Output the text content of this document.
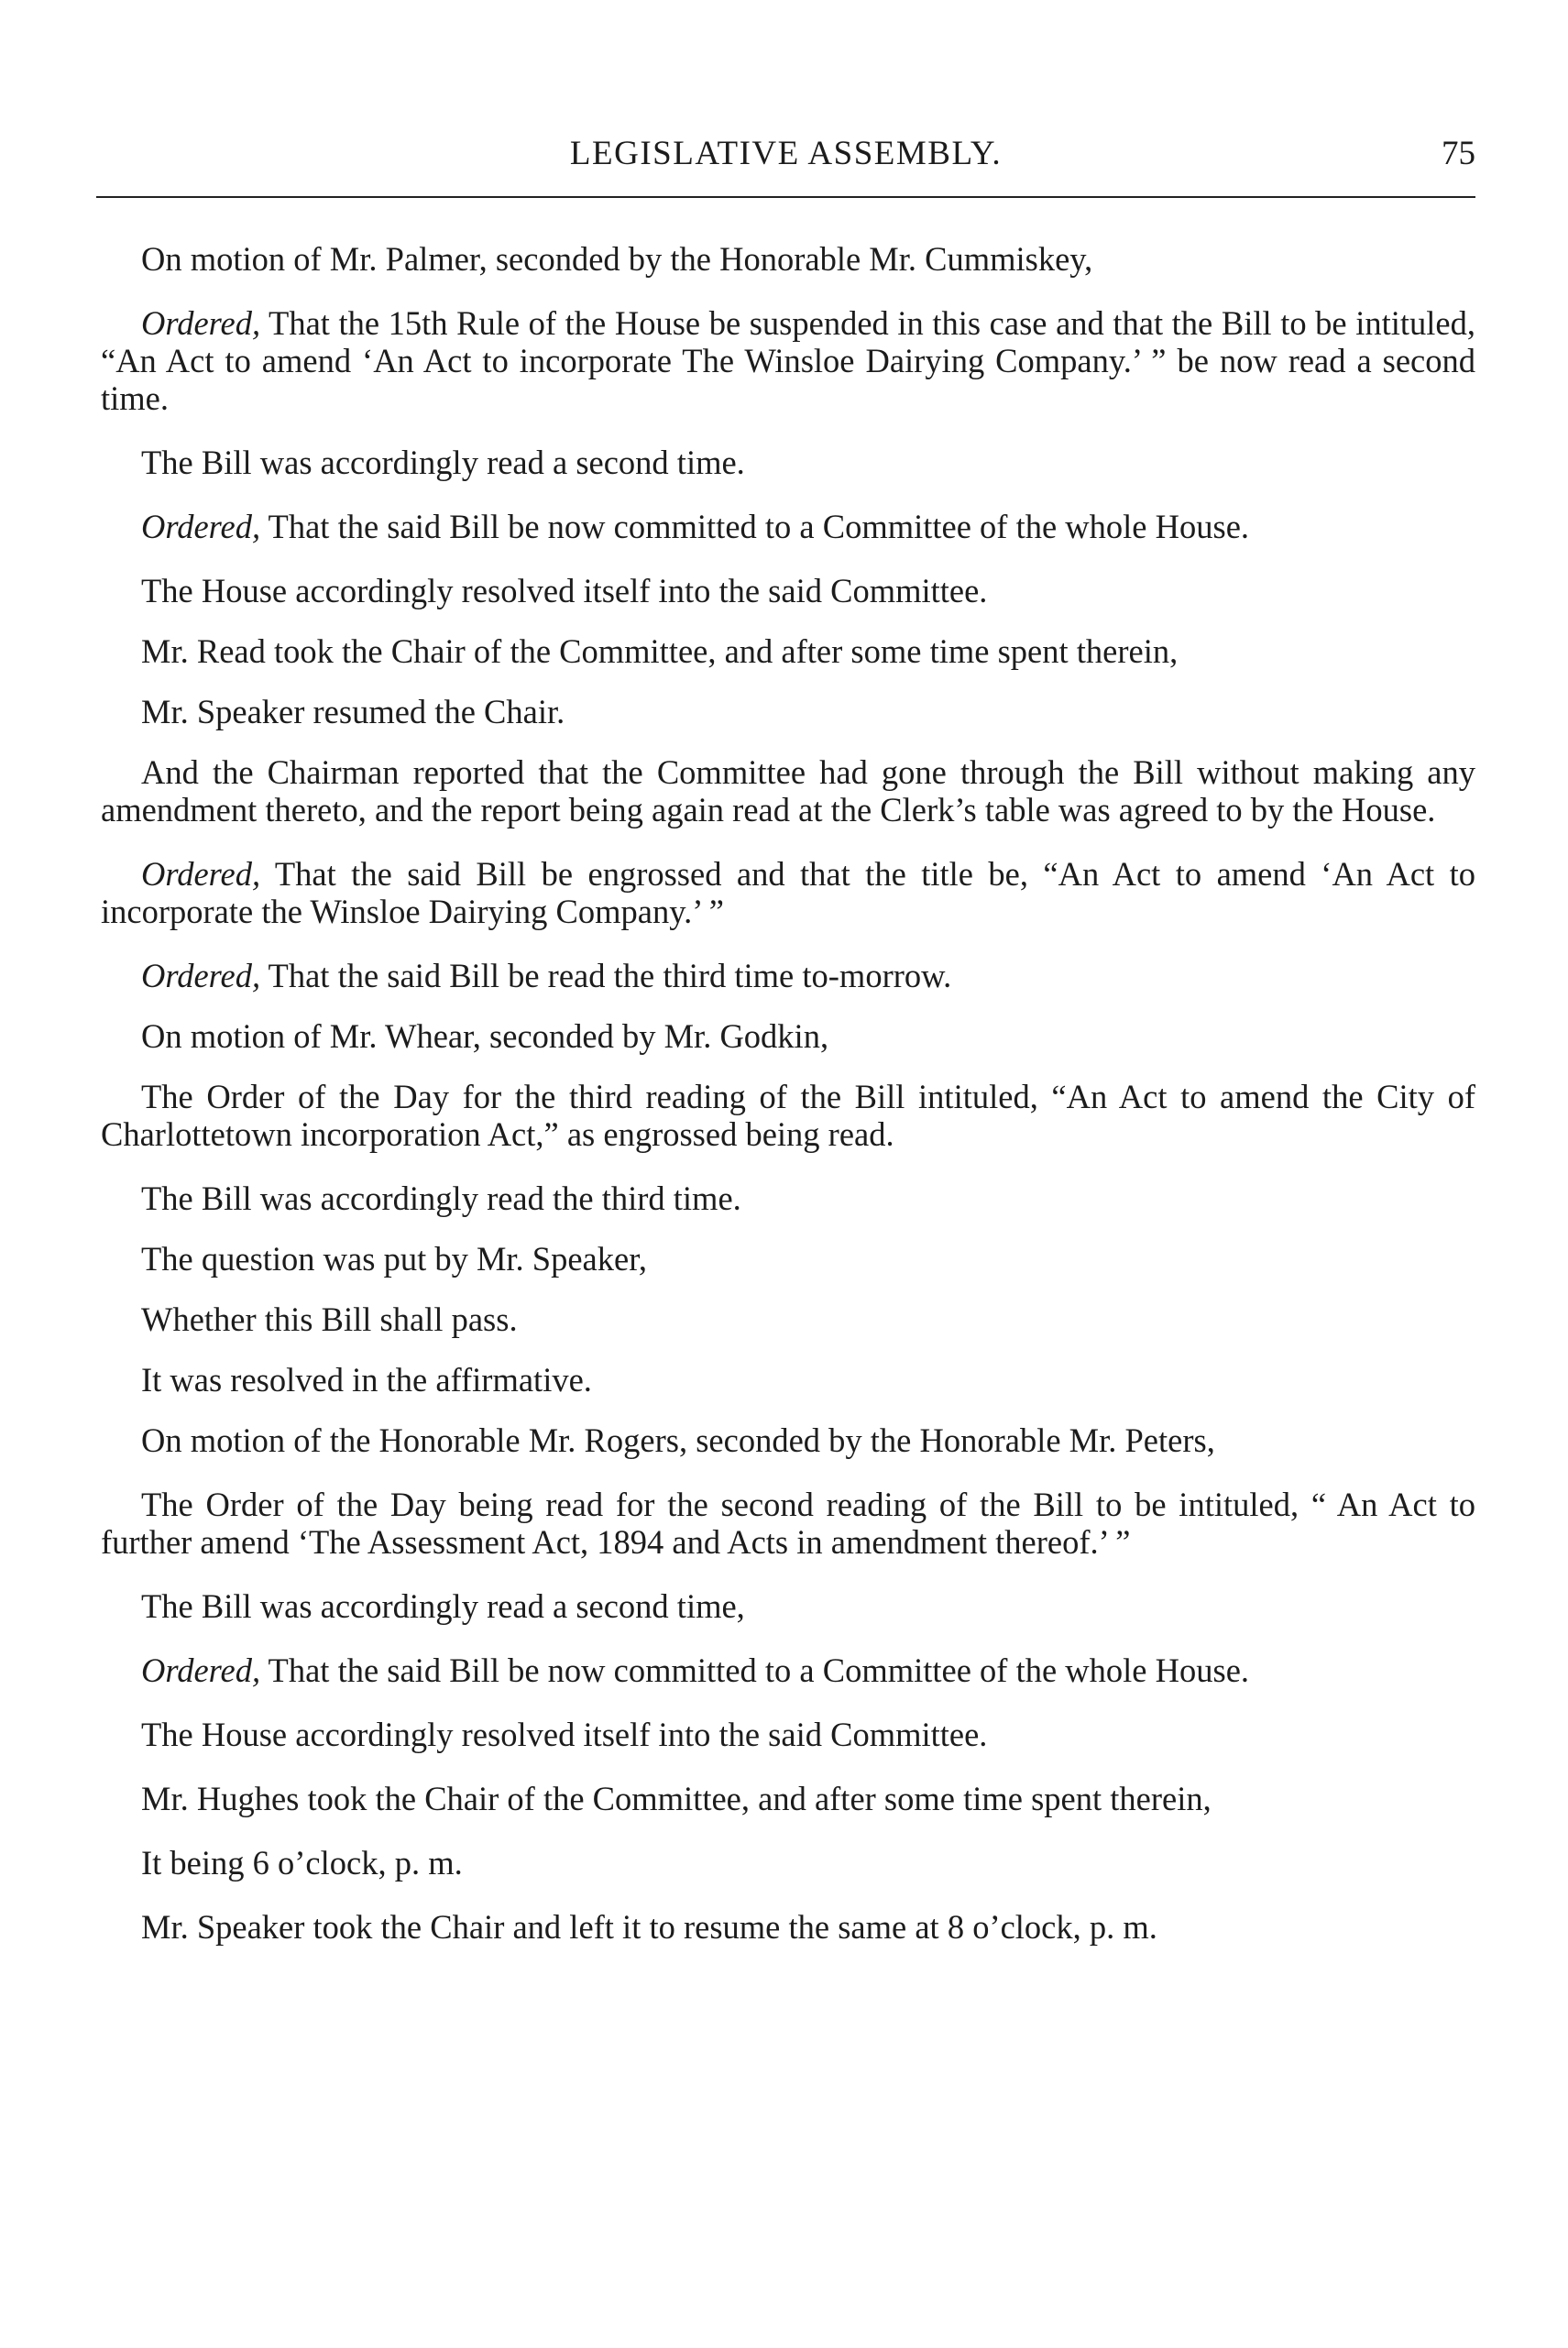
LEGISLATIVE ASSEMBLY.	75

On motion of Mr. Palmer, seconded by the Honorable Mr. Cummiskey,

Ordered, That the 15th Rule of the House be suspended in this case and that the Bill to be intituled, “An Act to amend ‘An Act to incorporate The Winsloe Dairying Company.’ ” be now read a second time.

The Bill was accordingly read a second time.

Ordered, That the said Bill be now committed to a Committee of the whole House.

The House accordingly resolved itself into the said Committee.

Mr. Read took the Chair of the Committee, and after some time spent therein,

Mr. Speaker resumed the Chair.

And the Chairman reported that the Committee had gone through the Bill without making any amendment thereto, and the report being again read at the Clerk’s table was agreed to by the House.

Ordered, That the said Bill be engrossed and that the title be, “An Act to amend ‘An Act to incorporate the Winsloe Dairying Company.’ ”

Ordered, That the said Bill be read the third time to-morrow.

On motion of Mr. Whear, seconded by Mr. Godkin,

The Order of the Day for the third reading of the Bill intituled, “An Act to amend the City of Charlottetown incorporation Act,” as engrossed being read.

The Bill was accordingly read the third time.

The question was put by Mr. Speaker,

Whether this Bill shall pass.

It was resolved in the affirmative.

On motion of the Honorable Mr. Rogers, seconded by the Honorable Mr. Peters,

The Order of the Day being read for the second reading of the Bill to be intituled, “ An Act to further amend ‘The Assessment Act, 1894 and Acts in amendment thereof.’ ”

The Bill was accordingly read a second time,

Ordered, That the said Bill be now committed to a Committee of the whole House.

The House accordingly resolved itself into the said Committee.

Mr. Hughes took the Chair of the Committee, and after some time spent therein,

It being 6 o’clock, p. m.

Mr. Speaker took the Chair and left it to resume the same at 8 o’clock, p. m.
